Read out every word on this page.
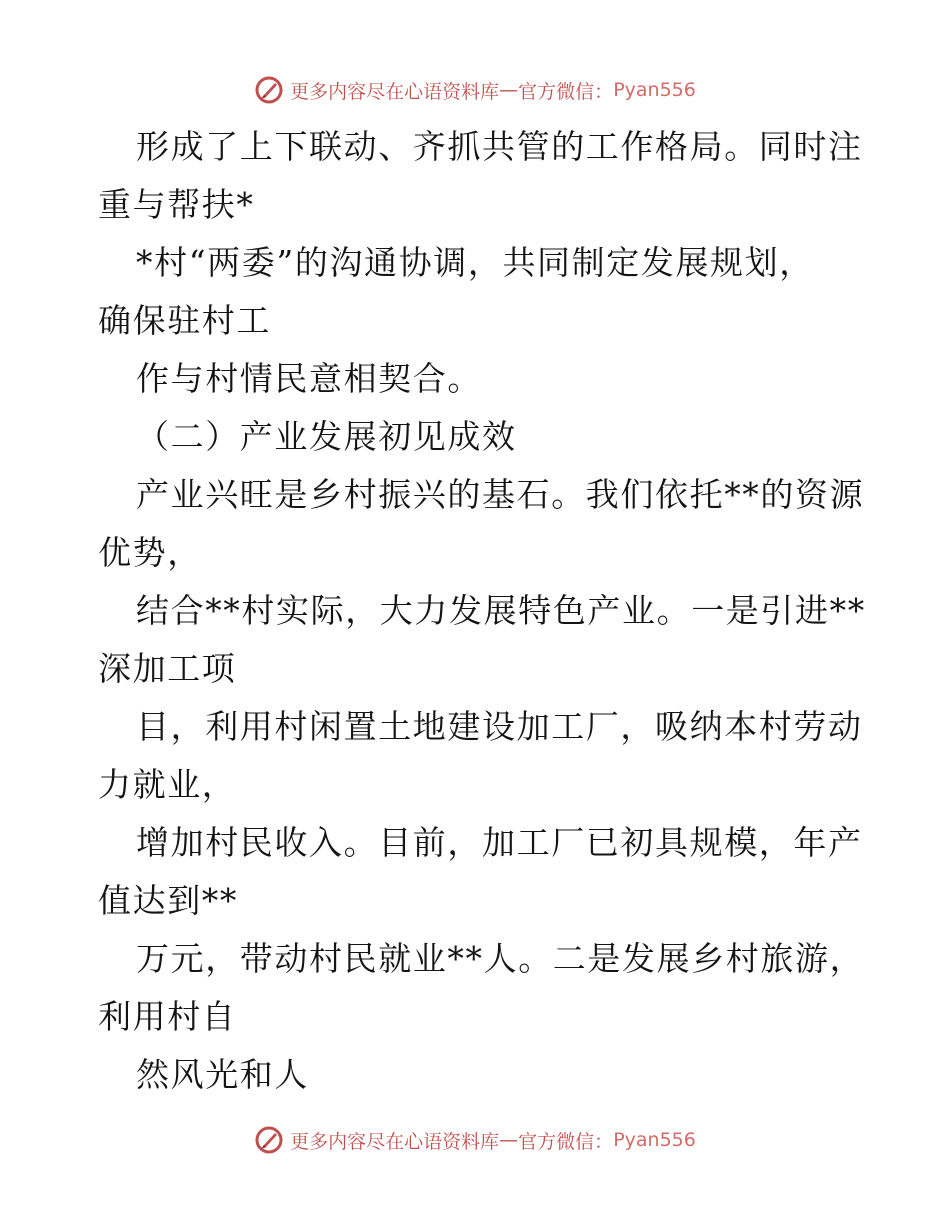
更多内容尽在心语资料库 — 官方微信： Pyan556
形成了上下联动、齐抓共管的工作格局。同时注
重与帮扶*
*村“两委”的沟通协调，共同制定发展规划，
确保驻村工
作与村情民意相契合。
（二）产业发展初见成效
产业兴旺是乡村振兴的基石。我们依托**的资源
优势，
结合**村实际，大力发展特色产业。一是引进**
深加工项
目，利用村闲置土地建设加工厂，吸纳本村劳动
力就业，
增加村民收入。目前，加工厂已初具规模，年产
值达到**
万元，带动村民就业**人。二是发展乡村旅游，
利用村自
然风光和人
更多内容尽在心语资料库 — 官方微信： Pyan556
